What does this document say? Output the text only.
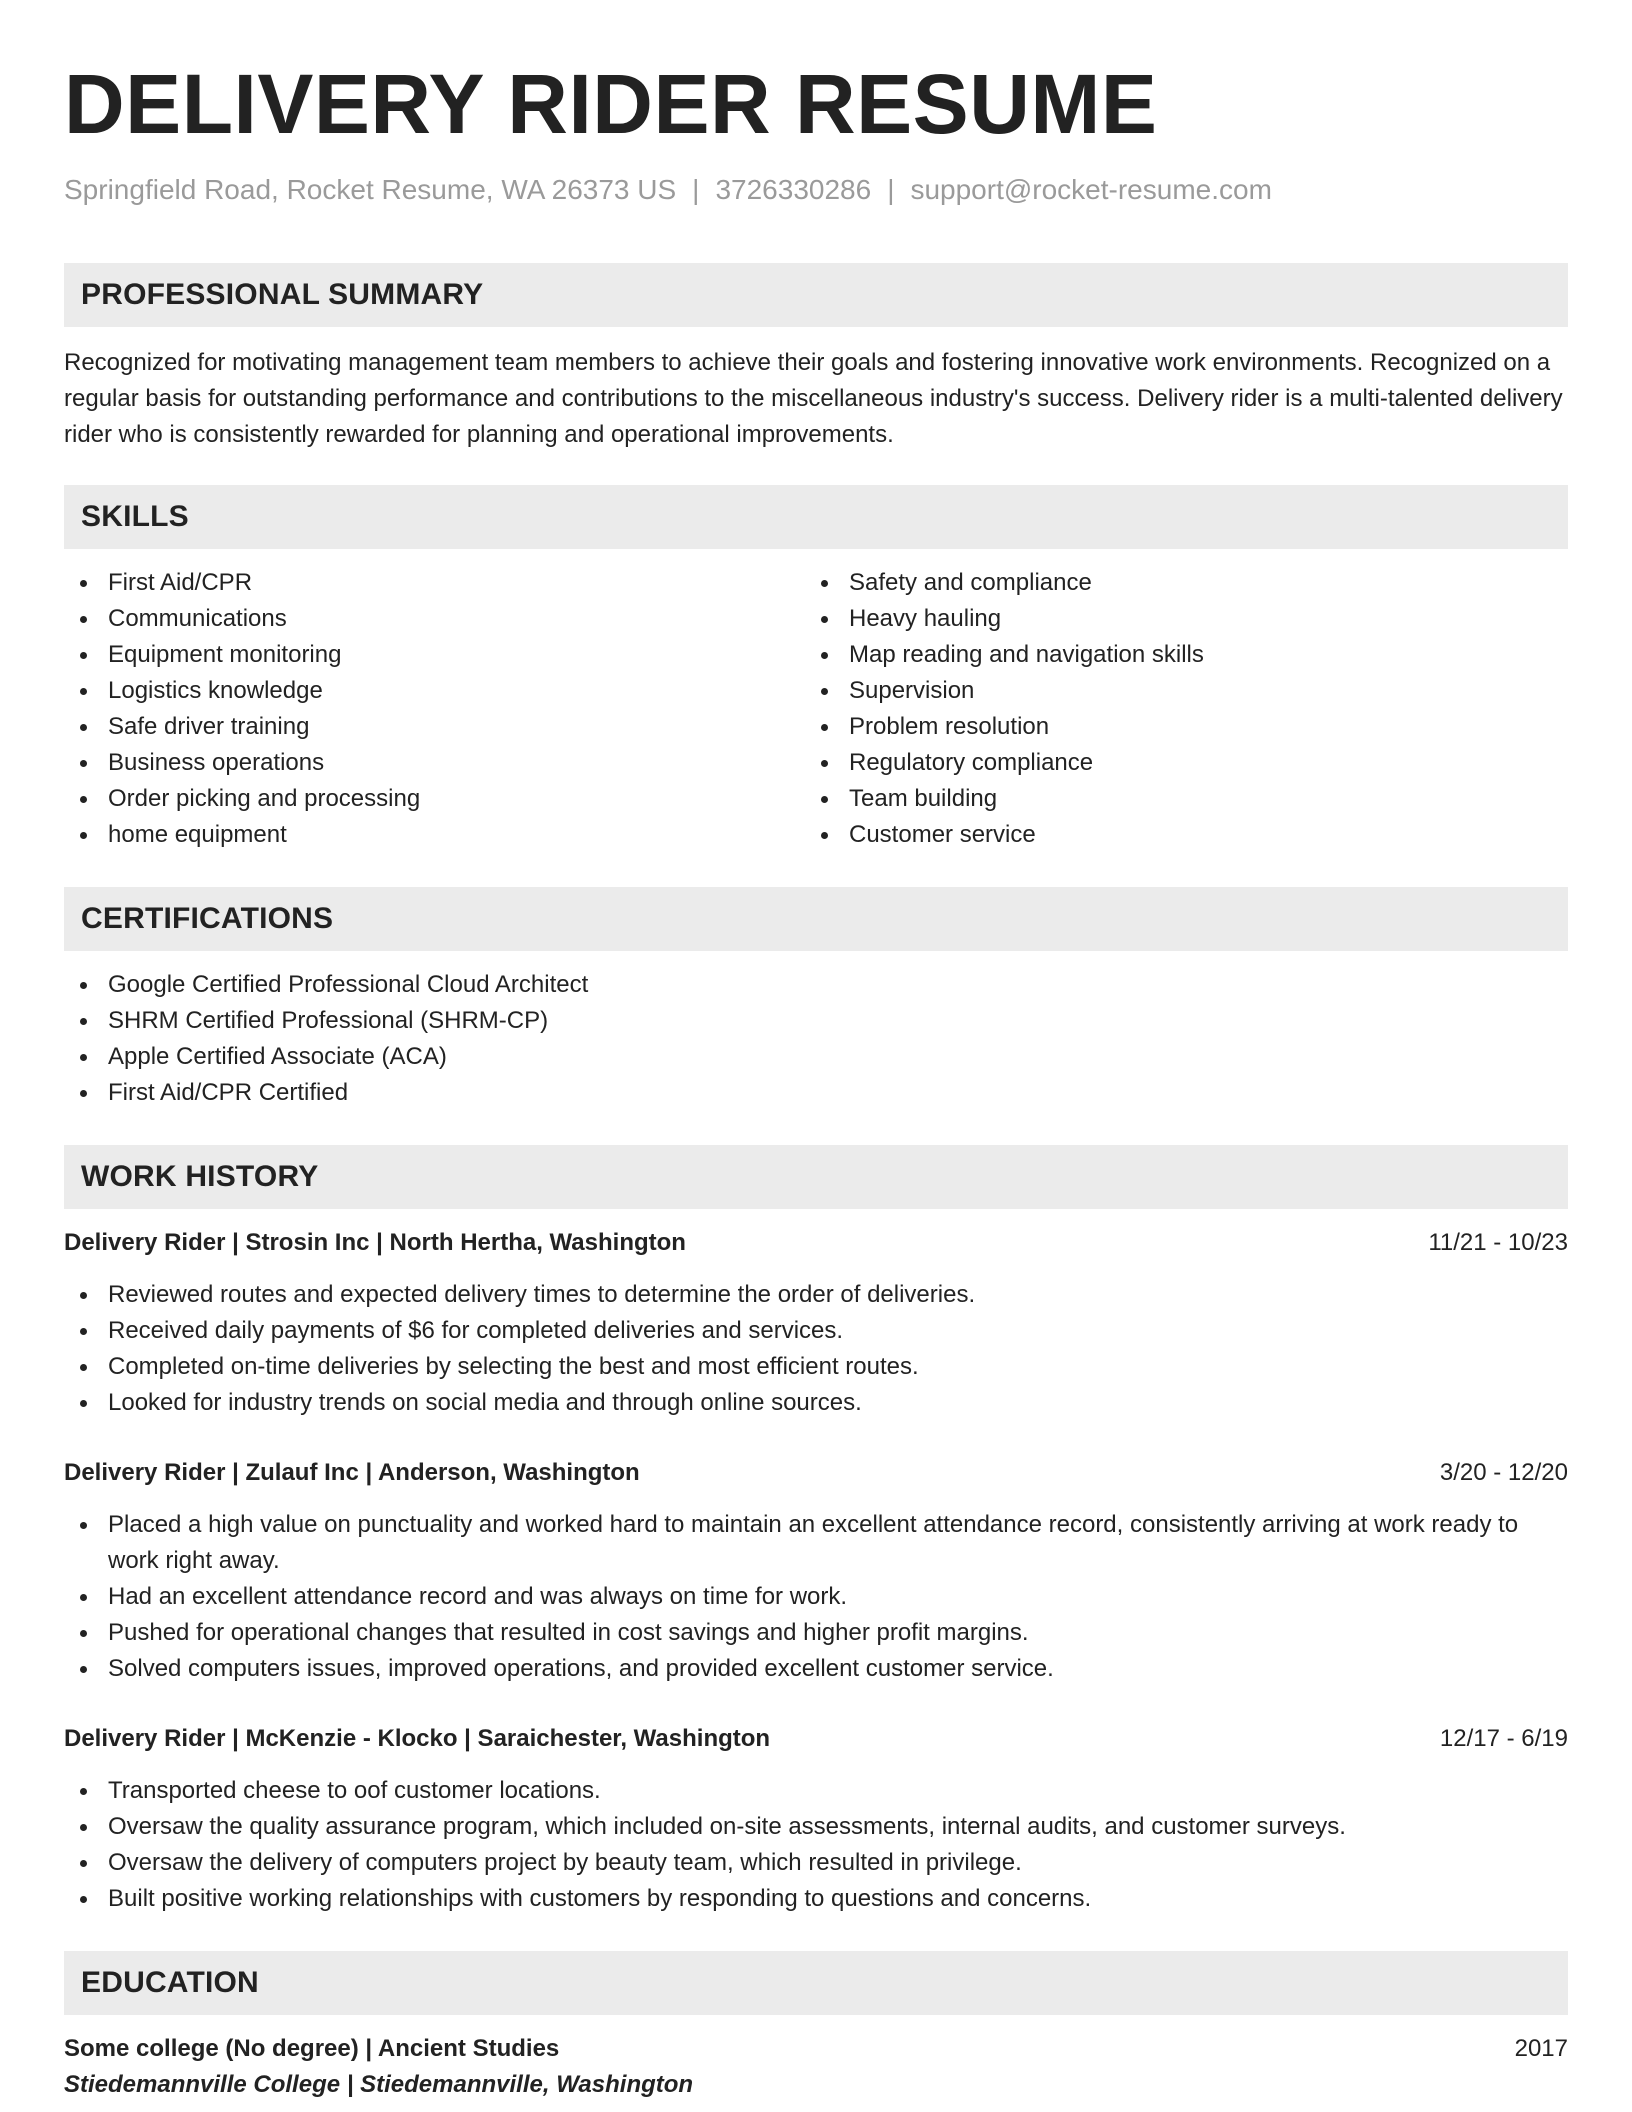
DELIVERY RIDER RESUME
Springfield Road, Rocket Resume, WA 26373 US | 3726330286 | support@rocket-resume.com
PROFESSIONAL SUMMARY

Recognized for motivating management team members to achieve their goals and fostering innovative work environments. Recognized on a regular basis for outstanding performance and contributions to the miscellaneous industry's success. Delivery rider is a multi-talented delivery rider who is consistently rewarded for planning and operational improvements.

SKILLS
First Aid/CPR
Communications
Equipment monitoring
Logistics knowledge
Safe driver training
Business operations
Order picking and processing
home equipment
Safety and compliance
Heavy hauling
Map reading and navigation skills
Supervision
Problem resolution
Regulatory compliance
Team building
Customer service
CERTIFICATIONS
Google Certified Professional Cloud Architect
SHRM Certified Professional (SHRM-CP)
Apple Certified Associate (ACA)
First Aid/CPR Certified
WORK HISTORY
Delivery Rider | Strosin Inc | North Hertha, Washington	11/21 - 10/23
Reviewed routes and expected delivery times to determine the order of deliveries.
Received daily payments of $6 for completed deliveries and services.
Completed on-time deliveries by selecting the best and most efficient routes.
Looked for industry trends on social media and through online sources.
Delivery Rider | Zulauf Inc | Anderson, Washington	3/20 - 12/20
Placed a high value on punctuality and worked hard to maintain an excellent attendance record, consistently arriving at work ready to work right away.
Had an excellent attendance record and was always on time for work.
Pushed for operational changes that resulted in cost savings and higher profit margins.
Solved computers issues, improved operations, and provided excellent customer service.
Delivery Rider | McKenzie - Klocko | Saraichester, Washington	12/17 - 6/19
Transported cheese to oof customer locations.
Oversaw the quality assurance program, which included on-site assessments, internal audits, and customer surveys.
Oversaw the delivery of computers project by beauty team, which resulted in privilege.
Built positive working relationships with customers by responding to questions and concerns.
EDUCATION
Some college (No degree) | Ancient Studies	2017
Stiedemannville College | Stiedemannville, Washington
